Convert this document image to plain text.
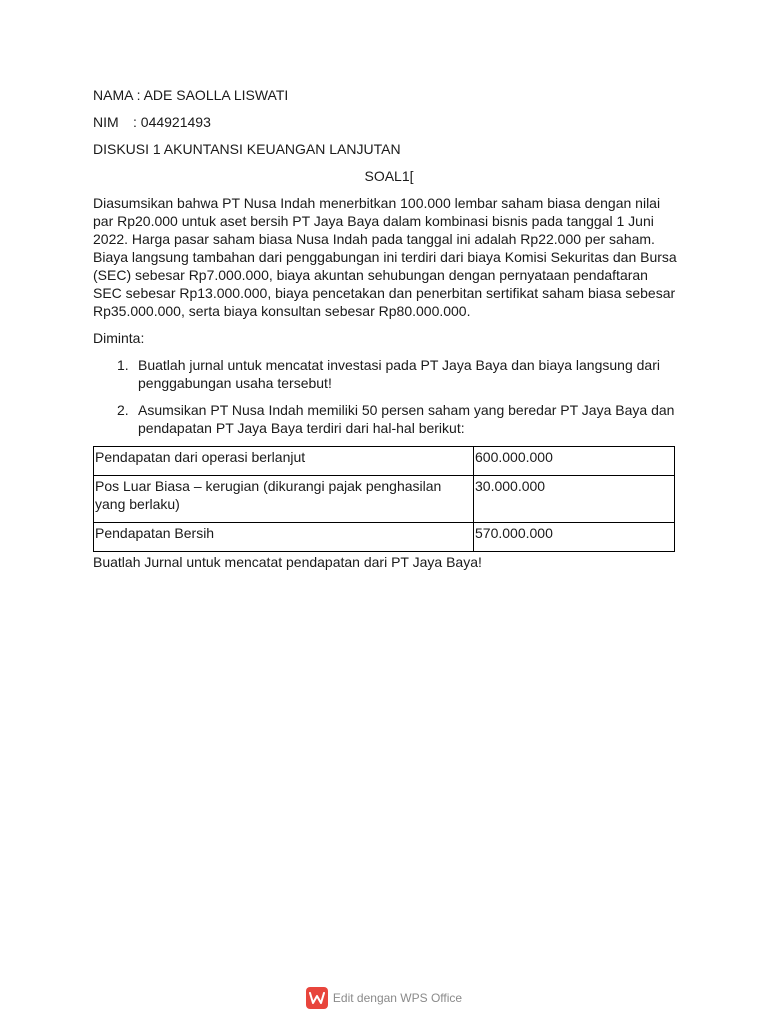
NAMA : ADE SAOLLA LISWATI
NIM : 044921493
DISKUSI 1 AKUNTANSI KEUANGAN LANJUTAN
SOAL1[

Diasumsikan bahwa PT Nusa Indah menerbitkan 100.000 lembar saham biasa dengan nilai par Rp20.000 untuk aset bersih PT Jaya Baya dalam kombinasi bisnis pada tanggal 1 Juni 2022. Harga pasar saham biasa Nusa Indah pada tanggal ini adalah Rp22.000 per saham. Biaya langsung tambahan dari penggabungan ini terdiri dari biaya Komisi Sekuritas dan Bursa (SEC) sebesar Rp7.000.000, biaya akuntan sehubungan dengan pernyataan pendaftaran SEC sebesar Rp13.000.000, biaya pencetakan dan penerbitan sertifikat saham biasa sebesar Rp35.000.000, serta biaya konsultan sebesar Rp80.000.000.

Diminta:
1. Buatlah jurnal untuk mencatat investasi pada PT Jaya Baya dan biaya langsung dari penggabungan usaha tersebut!
2. Asumsikan PT Nusa Indah memiliki 50 persen saham yang beredar PT Jaya Baya dan pendapatan PT Jaya Baya terdiri dari hal-hal berikut:
Pendapatan dari operasi berlanjut	600.000.000
Pos Luar Biasa – kerugian (dikurangi pajak penghasilan yang berlaku)	30.000.000
Pendapatan Bersih	570.000.000
Buatlah Jurnal untuk mencatat pendapatan dari PT Jaya Baya!
Edit dengan WPS Office
